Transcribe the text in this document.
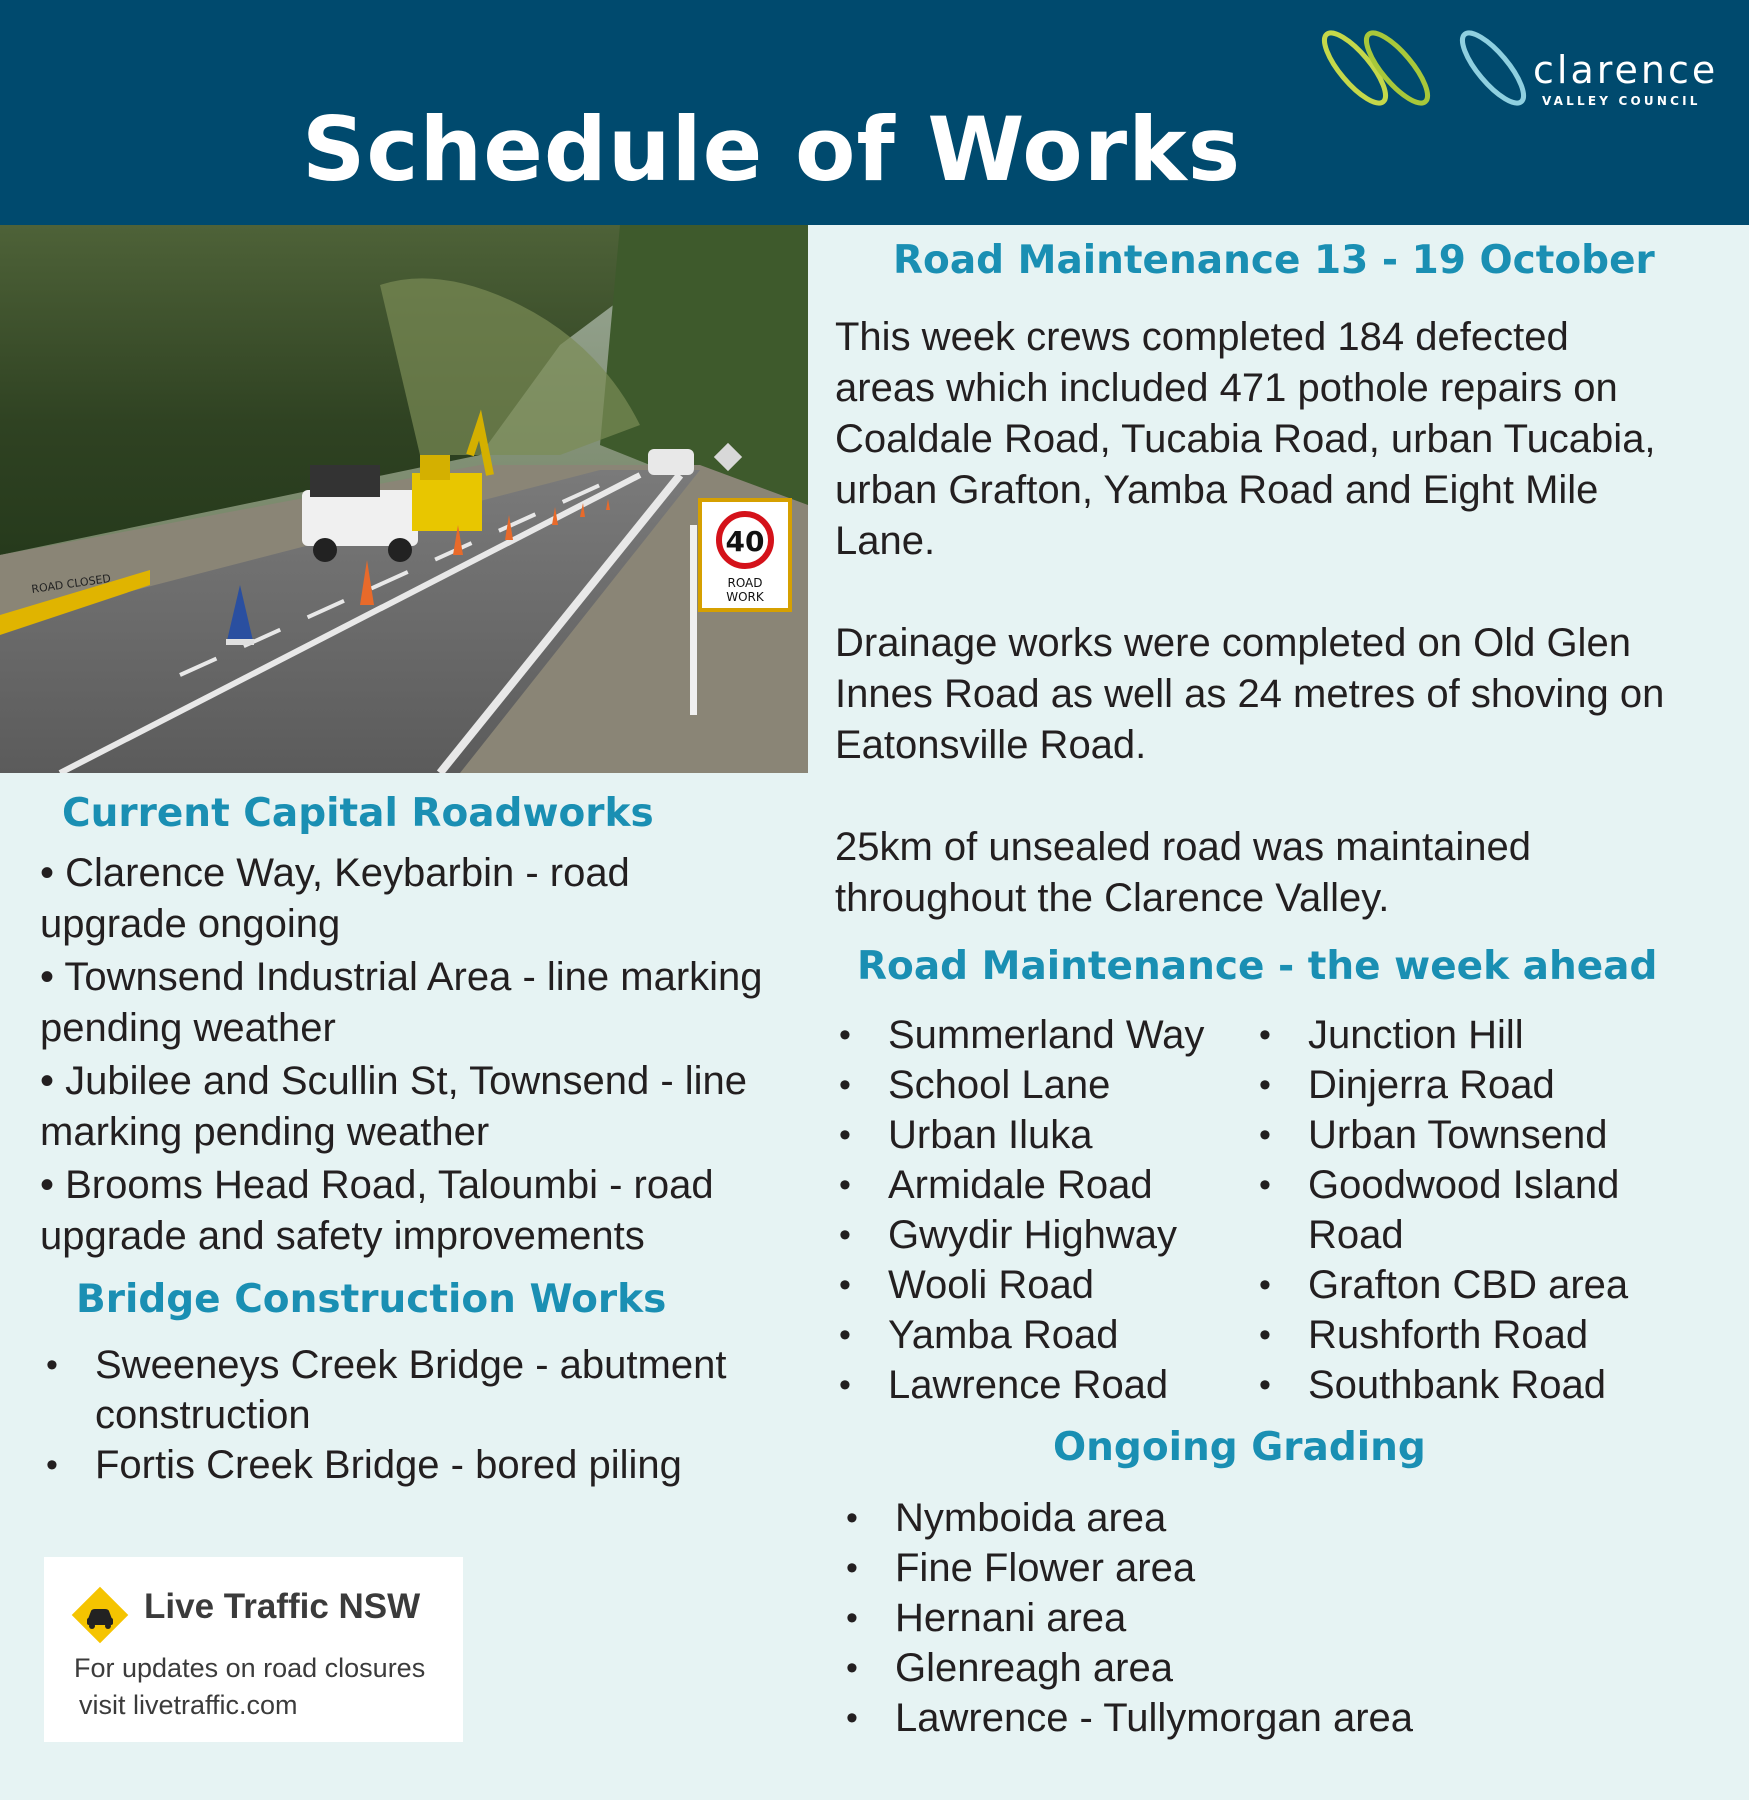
Schedule of Works
clarence
VALLEY COUNCIL
ROAD CLOSED
40
ROAD
WORK
Road Maintenance 13 - 19 October

This week crews completed 184 defected areas which included 471 pothole repairs on Coaldale Road, Tucabia Road, urban Tucabia, urban Grafton, Yamba Road and Eight Mile Lane.

Drainage works were completed on Old Glen Innes Road as well as 24 metres of shoving on Eatonsville Road.

25km of unsealed road was maintained throughout the Clarence Valley.

Road Maintenance - the week ahead
• Summerland Way
• School Lane
• Urban Iluka
• Armidale Road
• Gwydir Highway
• Wooli Road
• Yamba Road
• Lawrence Road
• Junction Hill
• Dinjerra Road
• Urban Townsend
• Goodwood Island Road
• Grafton CBD area
• Rushforth Road
• Southbank Road
Ongoing Grading
• Nymboida area
• Fine Flower area
• Hernani area
• Glenreagh area
• Lawrence - Tullymorgan area
Current Capital Roadworks
• Clarence Way, Keybarbin - road upgrade ongoing
• Townsend Industrial Area - line marking pending weather
• Jubilee and Scullin St, Townsend - line marking pending weather
• Brooms Head Road, Taloumbi - road upgrade and safety improvements
Bridge Construction Works
• Sweeneys Creek Bridge - abutment construction
• Fortis Creek Bridge - bored piling
Live Traffic NSW
For updates on road closures
visit livetraffic.com
